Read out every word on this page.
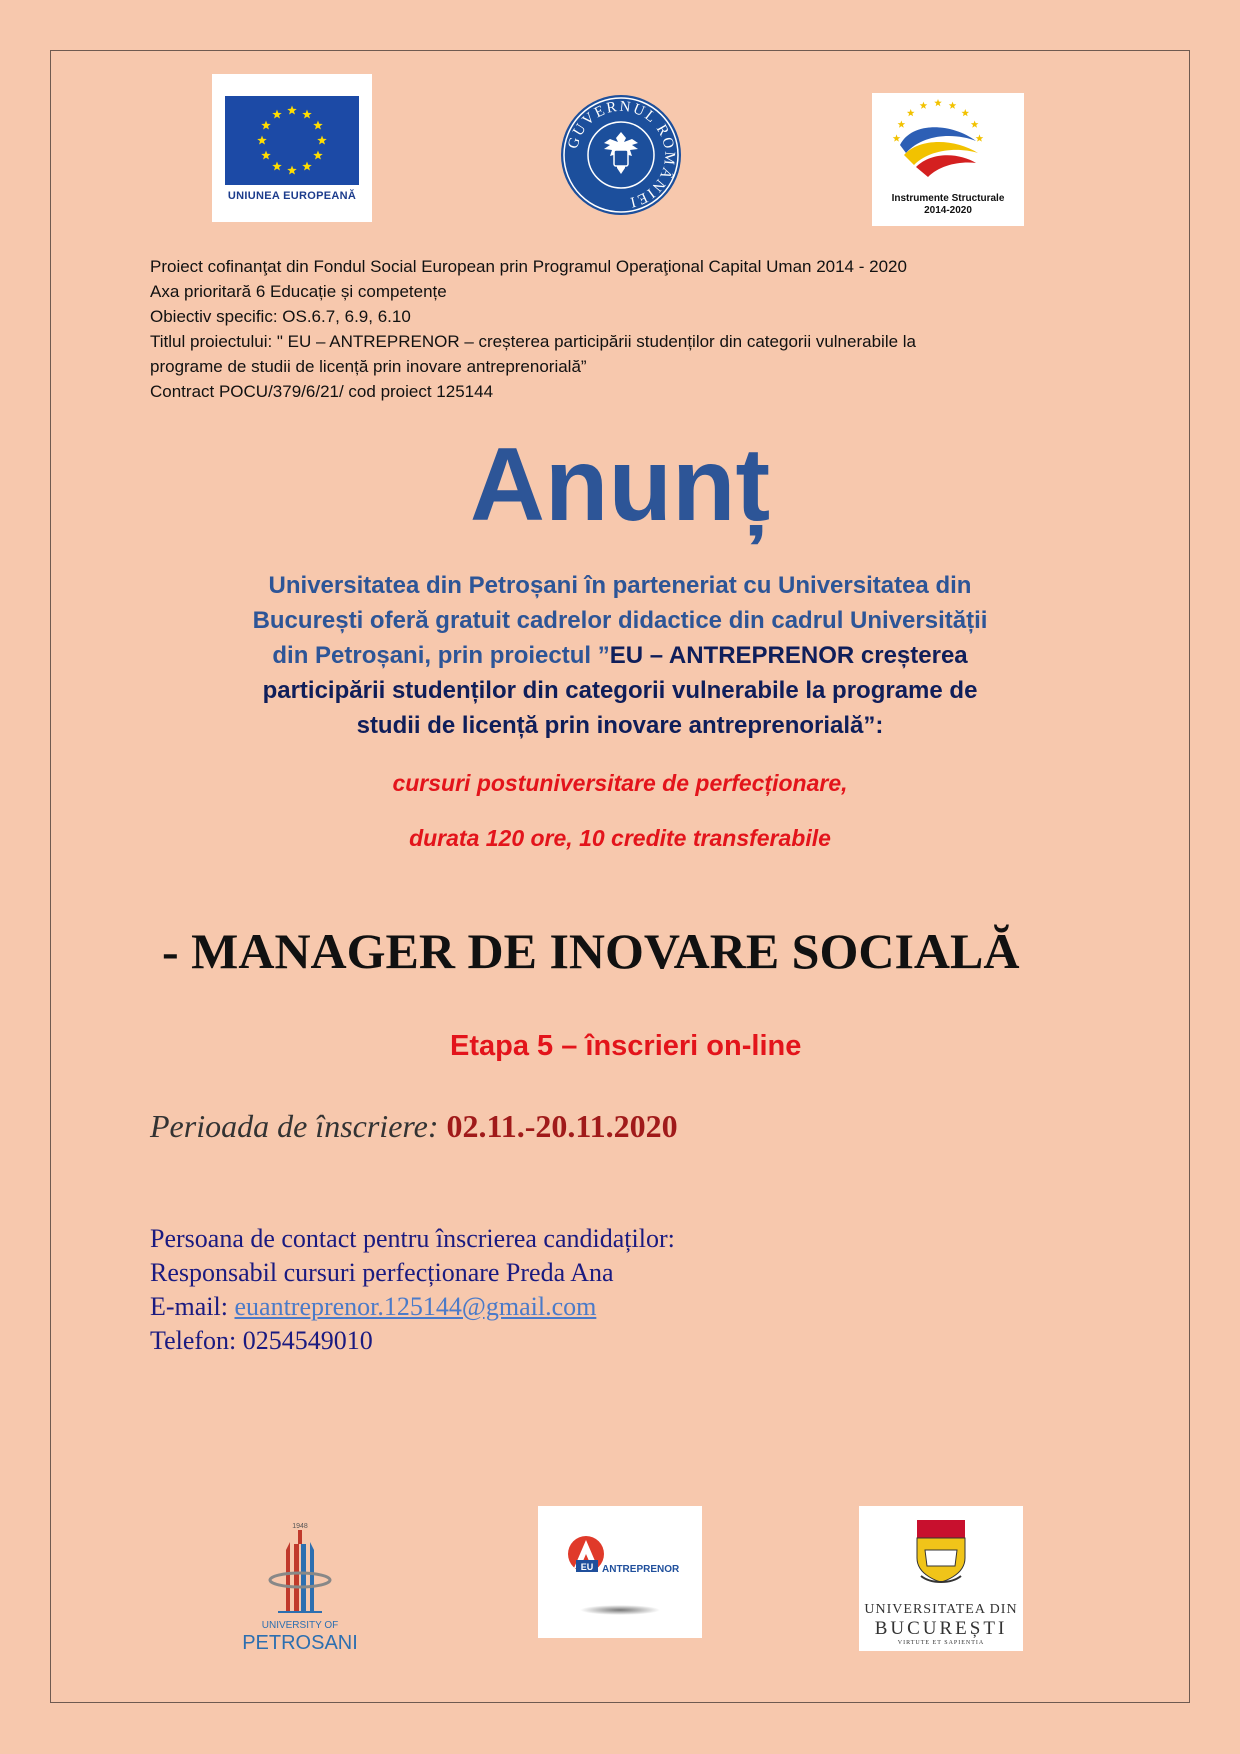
UNIUNEA EUROPEANĂ
GUVERNUL ROMÂNIEI	Instrumente Structurale
2014-2020
Proiect cofinanţat din Fondul Social European prin Programul Operaţional Capital Uman 2014 - 2020
Axa prioritară 6 Educație și competențe
Obiectiv specific: OS.6.7, 6.9, 6.10
Titlul proiectului: " EU – ANTREPRENOR – creșterea participării studenților din categorii vulnerabile la
programe de studii de licență prin inovare antreprenorială”
Contract POCU/379/6/21/ cod proiect 125144
Anunț
Universitatea din Petroșani în parteneriat cu Universitatea din
București oferă gratuit cadrelor didactice din cadrul Universității
din Petroșani, prin proiectul ”EU – ANTREPRENOR creșterea
participării studenților din categorii vulnerabile la programe de
studii de licență prin inovare antreprenorială”:
cursuri postuniversitare de perfecționare,
durata 120 ore, 10 credite transferabile
- MANAGER DE INOVARE SOCIALĂ
Etapa 5 – înscrieri on-line
Perioada de înscriere: 02.11.-20.11.2020
Persoana de contact pentru înscrierea candidaților:
Responsabil cursuri perfecționare Preda Ana
E-mail: euantreprenor.125144@gmail.com
Telefon: 0254549010
1948
UNIVERSITY OF
PETROSANI
EU ANTREPRENOR
UNIVERSITATEA DIN
BUCUREȘTI
VIRTUTE ET SAPIENTIA
